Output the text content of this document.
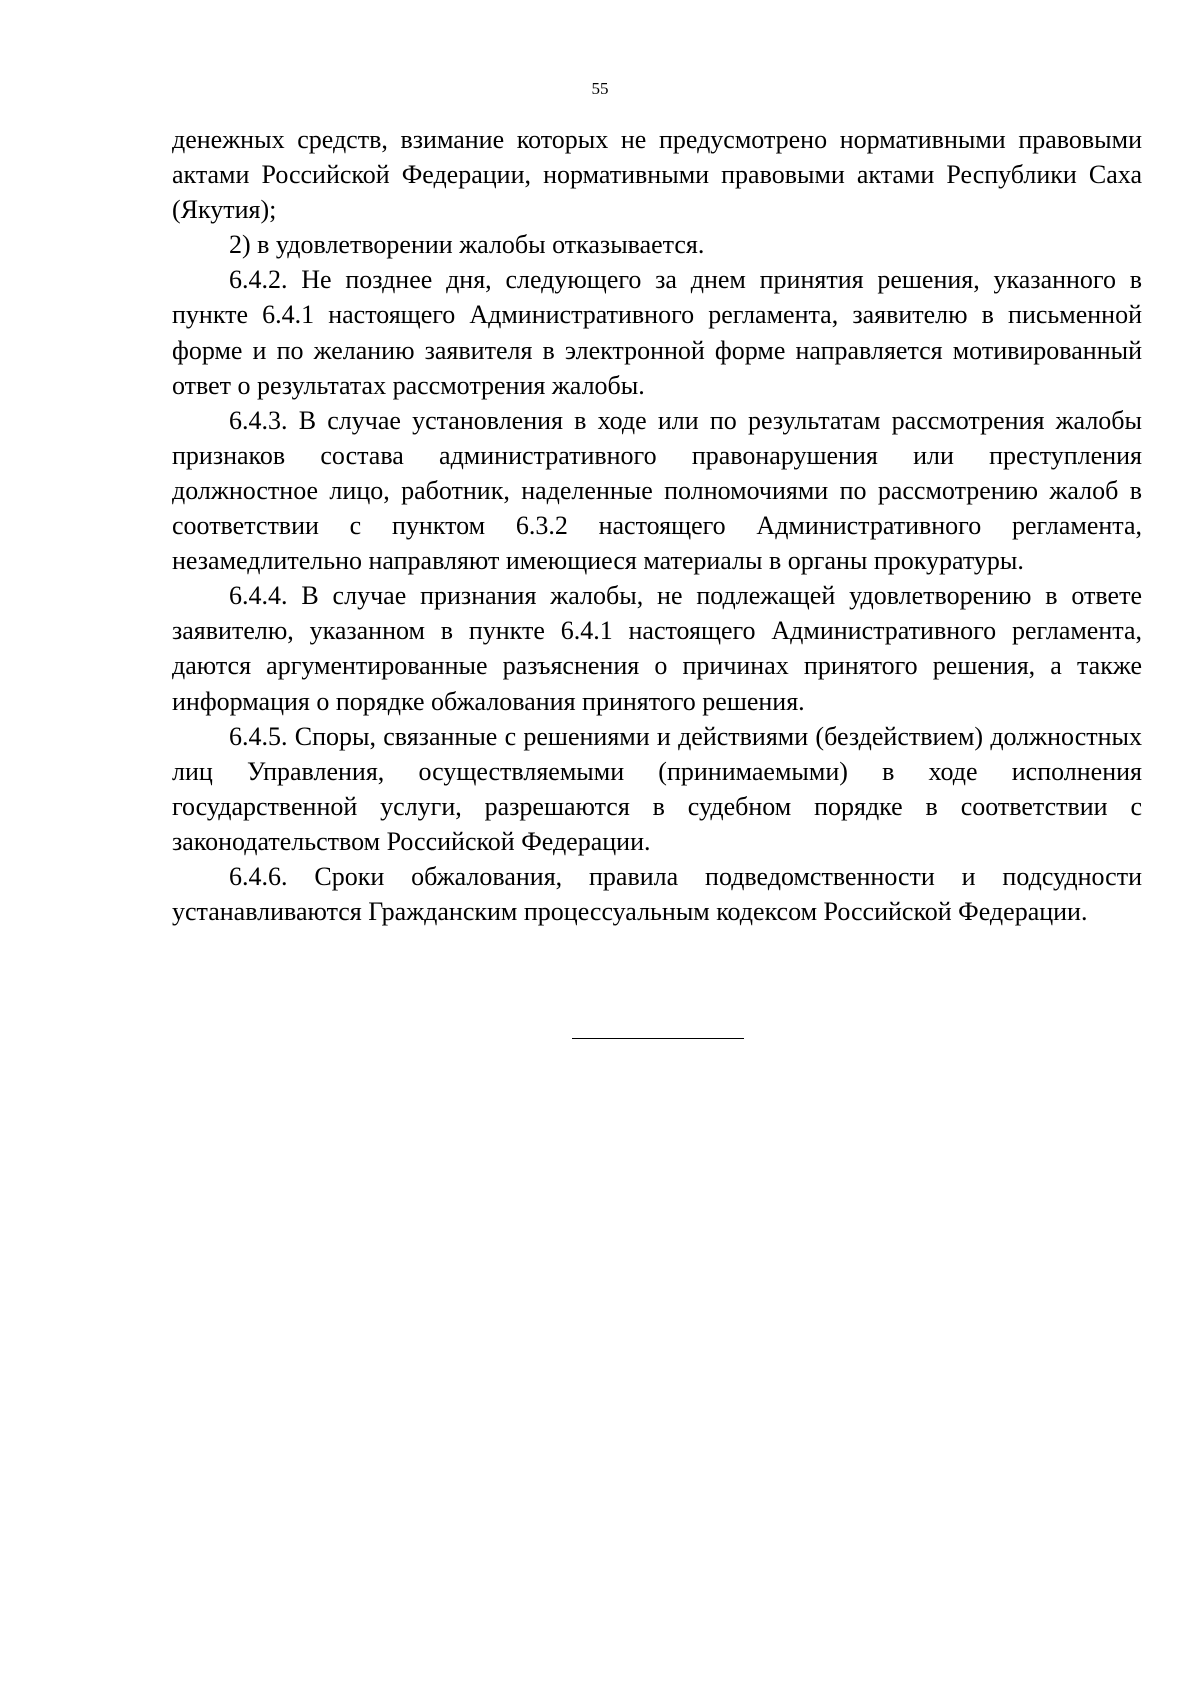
55

денежных средств, взимание которых не предусмотрено нормативными правовыми актами Российской Федерации, нормативными правовыми актами Республики Саха (Якутия);

2) в удовлетворении жалобы отказывается.

6.4.2. Не позднее дня, следующего за днем принятия решения, указанного в пункте 6.4.1 настоящего Административного регламента, заявителю в письменной форме и по желанию заявителя в электронной форме направляется мотивированный ответ о результатах рассмотрения жалобы.

6.4.3. В случае установления в ходе или по результатам рассмотрения жалобы признаков состава административного правонарушения или преступления должностное лицо, работник, наделенные полномочиями по рассмотрению жалоб в соответствии с пунктом 6.3.2 настоящего Административного регламента, незамедлительно направляют имеющиеся материалы в органы прокуратуры.

6.4.4. В случае признания жалобы, не подлежащей удовлетворению в ответе заявителю, указанном в пункте 6.4.1 настоящего Административного регламента, даются аргументированные разъяснения о причинах принятого решения, а также информация о порядке обжалования принятого решения.

6.4.5. Споры, связанные с решениями и действиями (бездействием) должностных лиц Управления, осуществляемыми (принимаемыми) в ходе исполнения государственной услуги, разрешаются в судебном порядке в соответствии с законодательством Российской Федерации.

6.4.6. Сроки обжалования, правила подведомственности и подсудности устанавливаются Гражданским процессуальным кодексом Российской Федерации.
